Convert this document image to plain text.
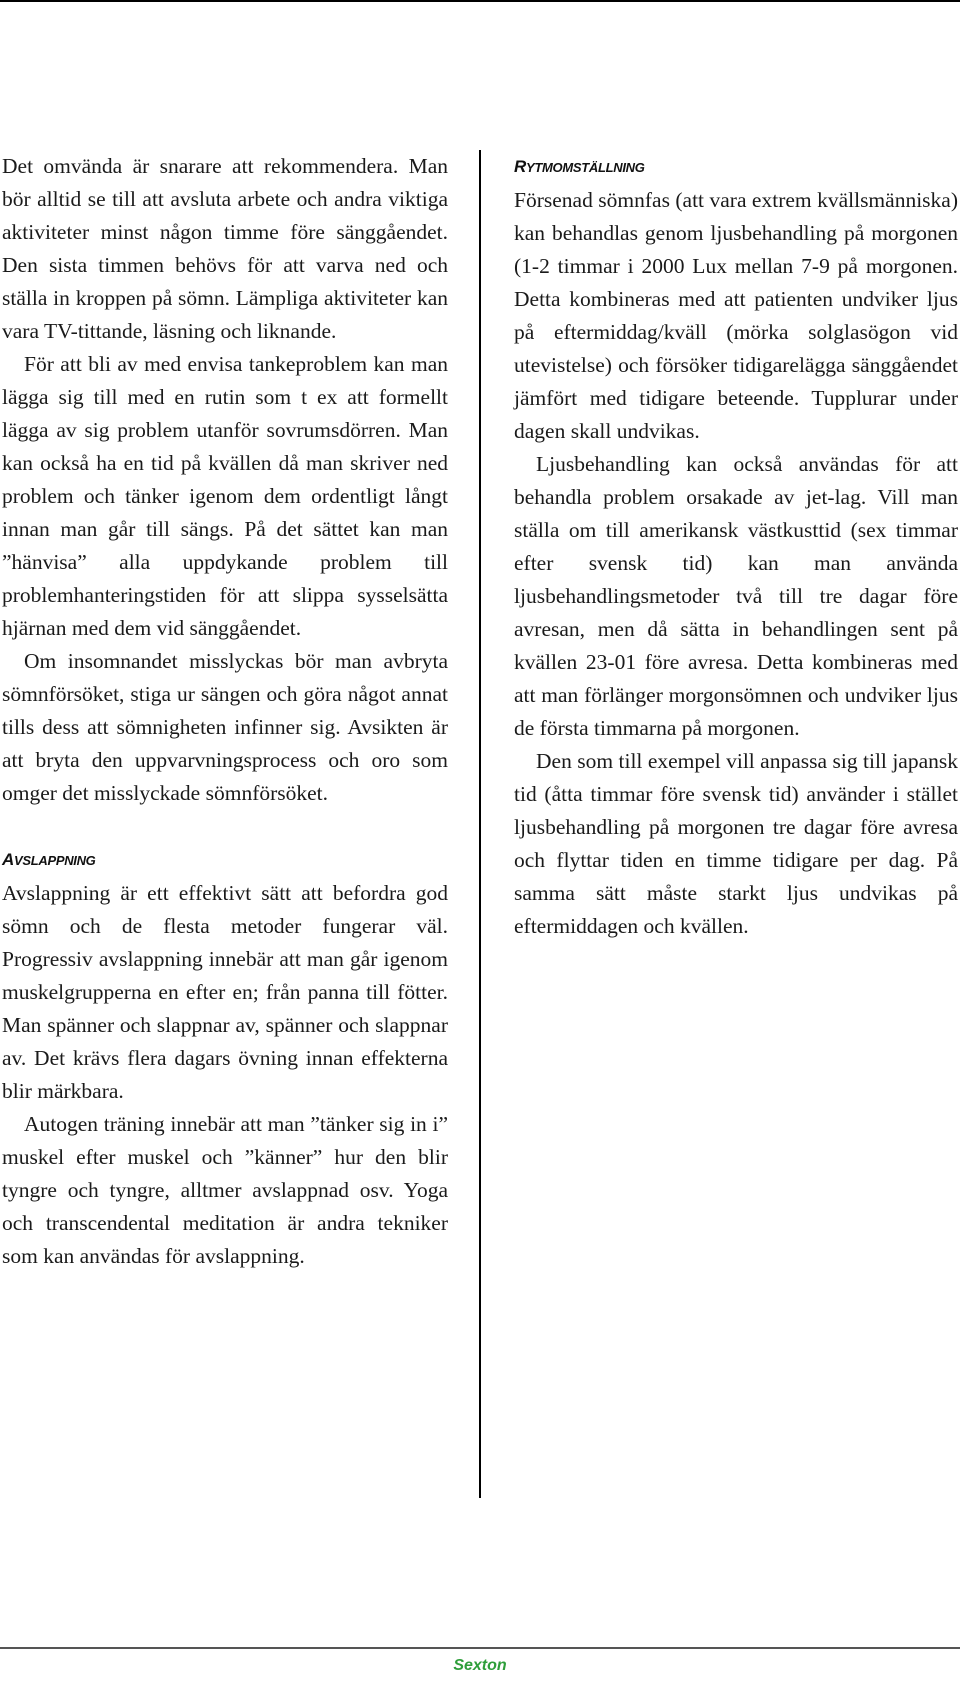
Det omvända är snarare att rekommendera. Man bör alltid se till att avsluta arbete och andra viktiga aktiviteter minst någon timme före sänggåendet. Den sista timmen behövs för att varva ned och ställa in kroppen på sömn. Lämpliga aktiviteter kan vara TV-tittande, läsning och liknande.

För att bli av med envisa tankeproblem kan man lägga sig till med en rutin som t ex att formellt lägga av sig problem utanför sovrumsdörren. Man kan också ha en tid på kvällen då man skriver ned problem och tänker igenom dem ordentligt långt innan man går till sängs. På det sättet kan man ”hänvisa” alla uppdykande problem till problemhanteringstiden för att slippa sysselsätta hjärnan med dem vid sänggåendet.

Om insomnandet misslyckas bör man avbryta sömnförsöket, stiga ur sängen och göra något annat tills dess att sömnigheten infinner sig. Avsikten är att bryta den uppvarvningsprocess och oro som omger det misslyckade sömnförsöket.

AVSLAPPNING

Avslappning är ett effektivt sätt att befordra god sömn och de flesta metoder fungerar väl. Progressiv avslappning innebär att man går igenom muskelgrupperna en efter en; från panna till fötter. Man spänner och slappnar av, spänner och slappnar av. Det krävs flera dagars övning innan effekterna blir märkbara.

Autogen träning innebär att man ”tänker sig in i” muskel efter muskel och ”känner” hur den blir tyngre och tyngre, alltmer avslappnad osv. Yoga och transcendental meditation är andra tekniker som kan användas för avslappning.

RYTMOMSTÄLLNING

Försenad sömnfas (att vara extrem kvällsmänniska) kan behandlas genom ljusbehandling på morgonen (1-2 timmar i 2000 Lux mellan 7-9 på morgonen. Detta kombineras med att patienten undviker ljus på eftermiddag/kväll (mörka solglasögon vid utevistelse) och försöker tidigarelägga sänggåendet jämfört med tidigare beteende. Tupplurar under dagen skall undvikas.

Ljusbehandling kan också användas för att behandla problem orsakade av jet-lag. Vill man ställa om till amerikansk västkusttid (sex timmar efter svensk tid) kan man använda ljusbehandlingsmetoder två till tre dagar före avresan, men då sätta in behandlingen sent på kvällen 23-01 före avresa. Detta kombineras med att man förlänger morgonsömnen och undviker ljus de första timmarna på morgonen.

Den som till exempel vill anpassa sig till japansk tid (åtta timmar före svensk tid) använder i stället ljusbehandling på morgonen tre dagar före avresa och flyttar tiden en timme tidigare per dag. På samma sätt måste starkt ljus undvikas på eftermiddagen och kvällen.

Sexton
